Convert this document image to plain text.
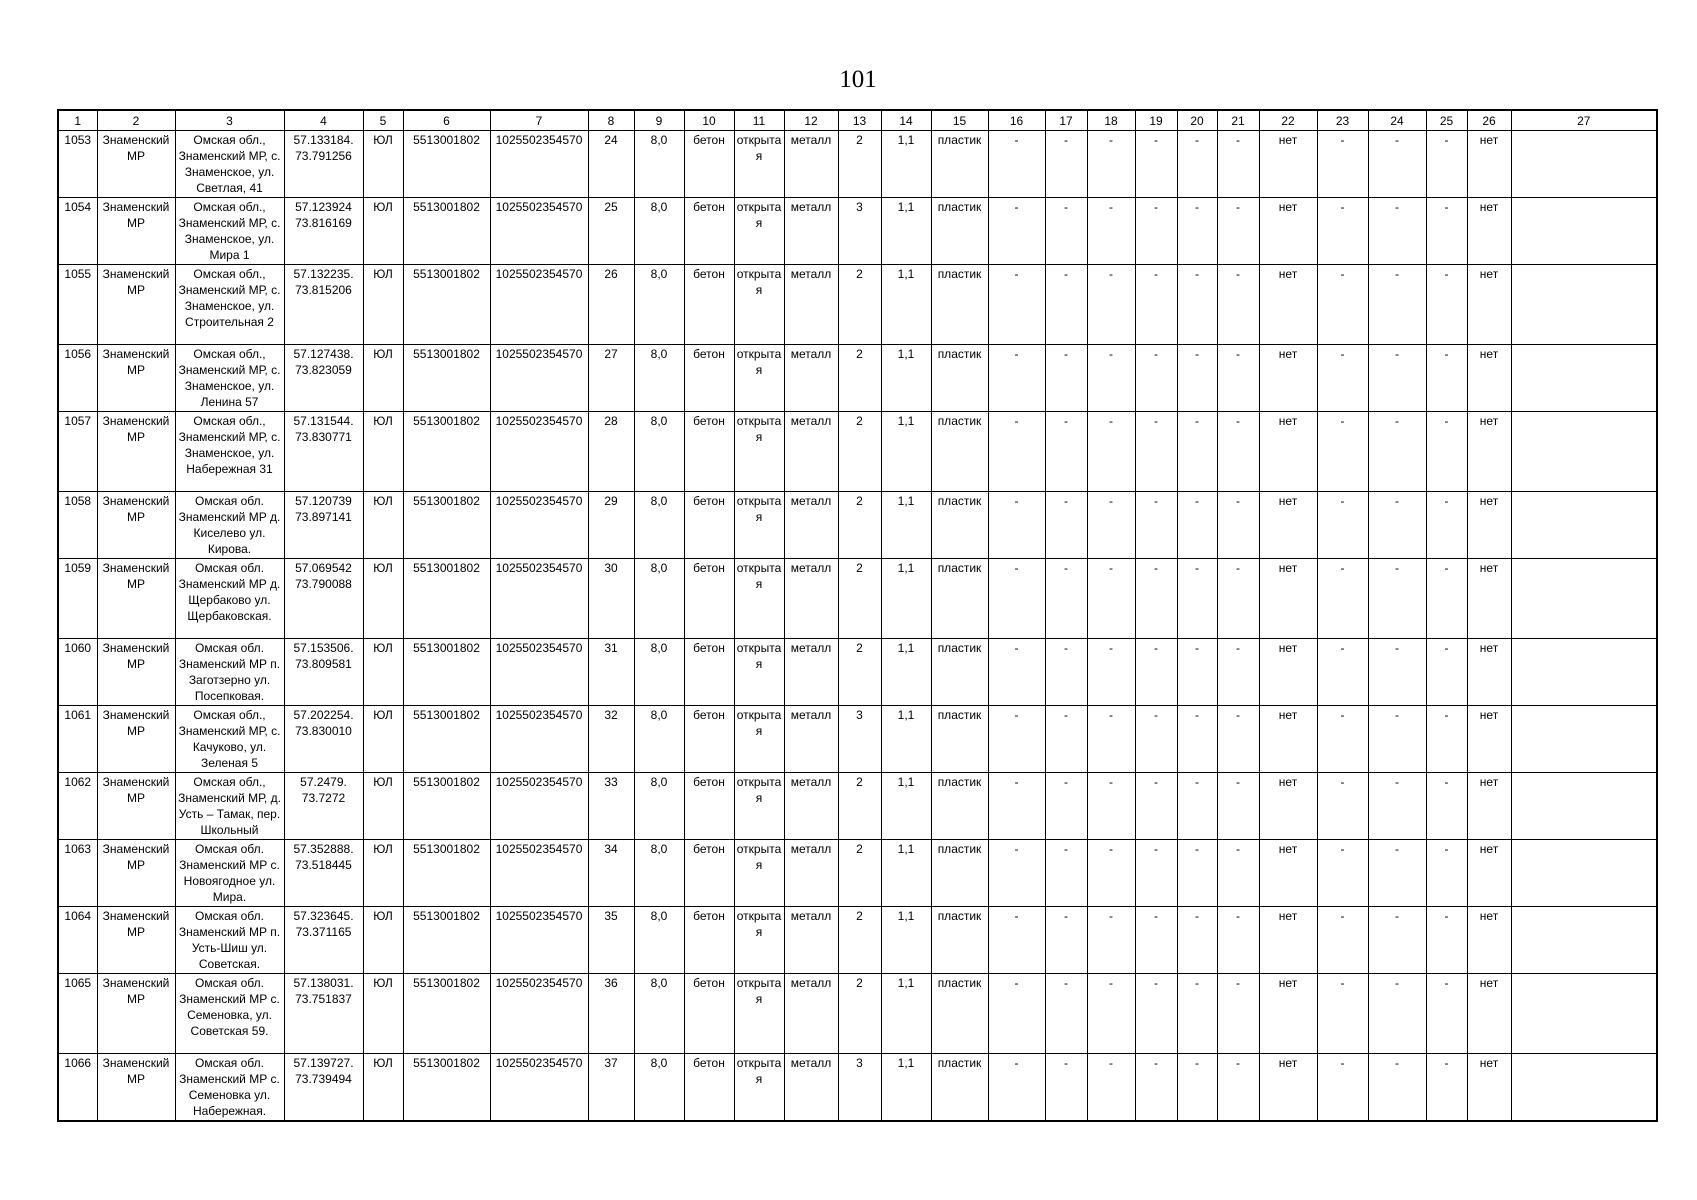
101
1	2	3	4	5	6	7	8	9	10	11	12	13	14	15	16	17	18	19	20	21	22	23	24	25	26	27
1053	Знаменский МР	Омская обл., Знаменский МР, с. Знаменское, ул. Светлая, 41	57.133184. 73.791256	ЮЛ	5513001802	1025502354570	24	8,0	бетон	открытая	металл	2	1,1	пластик	-	-	-	-	-	-	нет	-	-	-	нет	
1054	Знаменский МР	Омская обл., Знаменский МР, с. Знаменское, ул. Мира 1	57.123924 73.816169	ЮЛ	5513001802	1025502354570	25	8,0	бетон	открытая	металл	3	1,1	пластик	-	-	-	-	-	-	нет	-	-	-	нет	
1055	Знаменский МР	Омская обл., Знаменский МР, с. Знаменское, ул. Строительная 2	57.132235. 73.815206	ЮЛ	5513001802	1025502354570	26	8,0	бетон	открытая	металл	2	1,1	пластик	-	-	-	-	-	-	нет	-	-	-	нет	
1056	Знаменский МР	Омская обл., Знаменский МР, с. Знаменское, ул. Ленина 57	57.127438. 73.823059	ЮЛ	5513001802	1025502354570	27	8,0	бетон	открытая	металл	2	1,1	пластик	-	-	-	-	-	-	нет	-	-	-	нет	
1057	Знаменский МР	Омская обл., Знаменский МР, с. Знаменское, ул. Набережная 31	57.131544. 73.830771	ЮЛ	5513001802	1025502354570	28	8,0	бетон	открытая	металл	2	1,1	пластик	-	-	-	-	-	-	нет	-	-	-	нет	
1058	Знаменский МР	Омская обл. Знаменский МР д. Киселево ул. Кирова.	57.120739 73.897141	ЮЛ	5513001802	1025502354570	29	8,0	бетон	открытая	металл	2	1,1	пластик	-	-	-	-	-	-	нет	-	-	-	нет	
1059	Знаменский МР	Омская обл. Знаменский МР д. Щербаково ул. Щербаковская.	57.069542 73.790088	ЮЛ	5513001802	1025502354570	30	8,0	бетон	открытая	металл	2	1,1	пластик	-	-	-	-	-	-	нет	-	-	-	нет	
1060	Знаменский МР	Омская обл. Знаменский МР п. Заготзерно ул. Посепковая.	57.153506. 73.809581	ЮЛ	5513001802	1025502354570	31	8,0	бетон	открытая	металл	2	1,1	пластик	-	-	-	-	-	-	нет	-	-	-	нет	
1061	Знаменский МР	Омская обл., Знаменский МР, с. Качуково, ул. Зеленая 5	57.202254. 73.830010	ЮЛ	5513001802	1025502354570	32	8,0	бетон	открытая	металл	3	1,1	пластик	-	-	-	-	-	-	нет	-	-	-	нет	
1062	Знаменский МР	Омская обл., Знаменский МР, д. Усть – Тамак, пер. Школьный	57.2479. 73.7272	ЮЛ	5513001802	1025502354570	33	8,0	бетон	открытая	металл	2	1,1	пластик	-	-	-	-	-	-	нет	-	-	-	нет	
1063	Знаменский МР	Омская обл. Знаменский МР с. Новоягодное ул. Мира.	57.352888. 73.518445	ЮЛ	5513001802	1025502354570	34	8,0	бетон	открытая	металл	2	1,1	пластик	-	-	-	-	-	-	нет	-	-	-	нет	
1064	Знаменский МР	Омская обл. Знаменский МР п. Усть-Шиш ул. Советская.	57.323645. 73.371165	ЮЛ	5513001802	1025502354570	35	8,0	бетон	открытая	металл	2	1,1	пластик	-	-	-	-	-	-	нет	-	-	-	нет	
1065	Знаменский МР	Омская обл. Знаменский МР с. Семеновка, ул. Советская 59.	57.138031. 73.751837	ЮЛ	5513001802	1025502354570	36	8,0	бетон	открытая	металл	2	1,1	пластик	-	-	-	-	-	-	нет	-	-	-	нет	
1066	Знаменский МР	Омская обл. Знаменский МР с. Семеновка ул. Набережная.	57.139727. 73.739494	ЮЛ	5513001802	1025502354570	37	8,0	бетон	открытая	металл	3	1,1	пластик	-	-	-	-	-	-	нет	-	-	-	нет	
